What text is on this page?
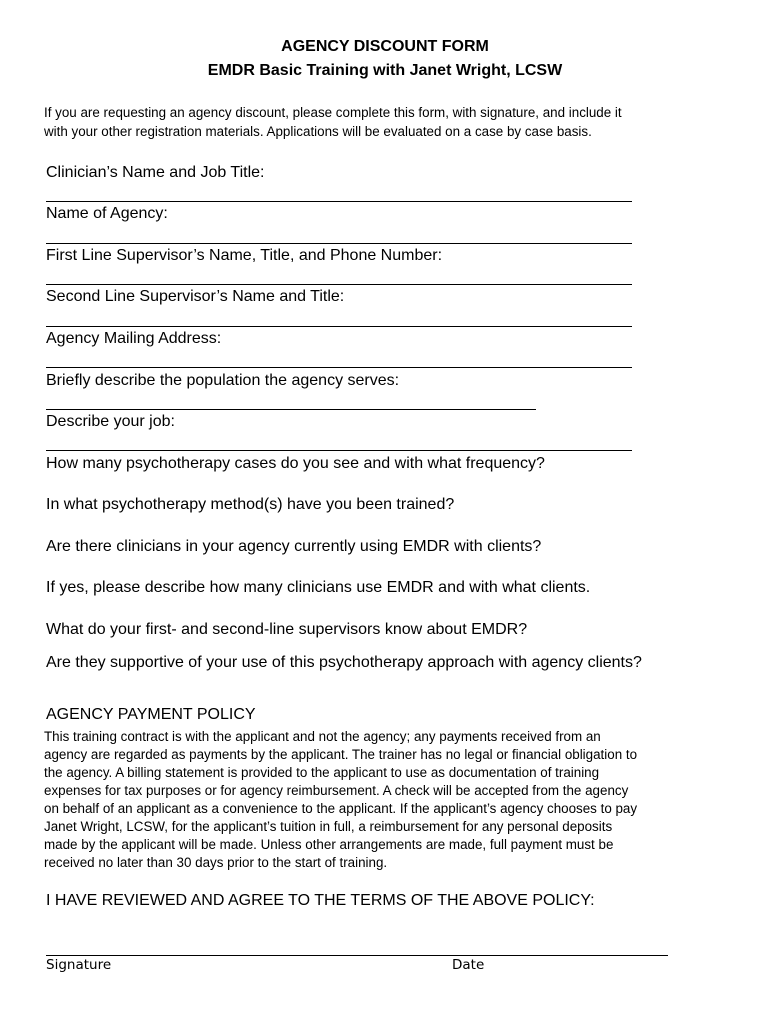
AGENCY DISCOUNT FORM
EMDR Basic Training with Janet Wright, LCSW
If you are requesting an agency discount, please complete this form, with signature, and include it
with your other registration materials. Applications will be evaluated on a case by case basis.
Clinician’s Name and Job Title:
Name of Agency:
First Line Supervisor’s Name, Title, and Phone Number:
Second Line Supervisor’s Name and Title:
Agency Mailing Address:
Briefly describe the population the agency serves:
Describe your job:
How many psychotherapy cases do you see and with what frequency?
In what psychotherapy method(s) have you been trained?
Are there clinicians in your agency currently using EMDR with clients?
If yes, please describe how many clinicians use EMDR and with what clients.
What do your first- and second-line supervisors know about EMDR?
Are they supportive of your use of this psychotherapy approach with agency clients?
AGENCY PAYMENT POLICY
This training contract is with the applicant and not the agency; any payments received from an
agency are regarded as payments by the applicant. The trainer has no legal or financial obligation to
the agency. A billing statement is provided to the applicant to use as documentation of training
expenses for tax purposes or for agency reimbursement. A check will be accepted from the agency
on behalf of an applicant as a convenience to the applicant. If the applicant’s agency chooses to pay
Janet Wright, LCSW, for the applicant’s tuition in full, a reimbursement for any personal deposits
made by the applicant will be made. Unless other arrangements are made, full payment must be
received no later than 30 days prior to the start of training.
I HAVE REVIEWED AND AGREE TO THE TERMS OF THE ABOVE POLICY:
Signature	Date
